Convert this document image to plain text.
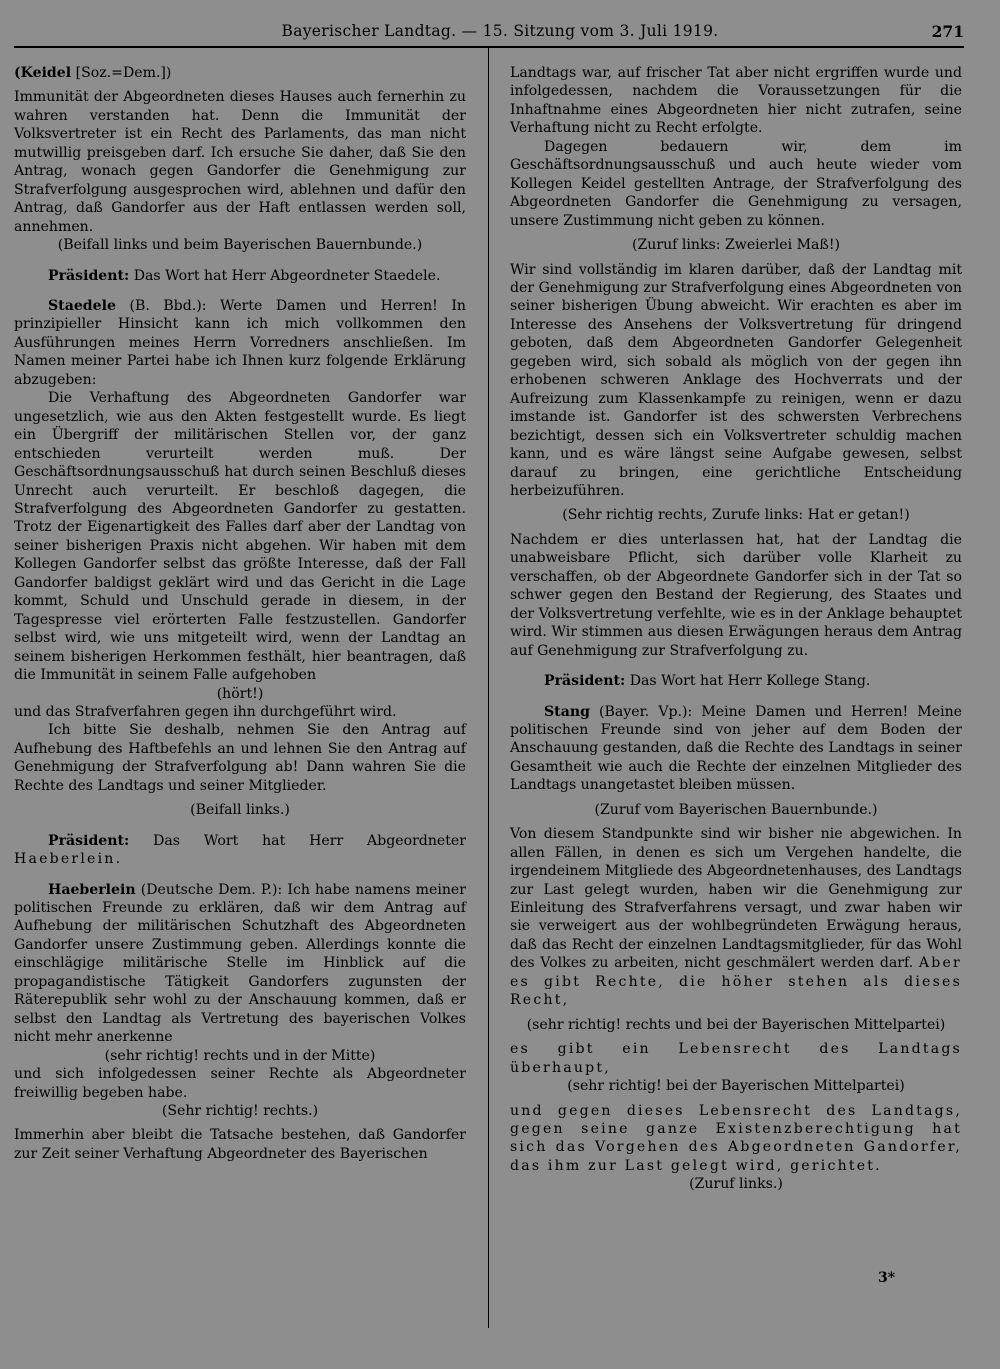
Bayerischer Landtag. — 15. Sitzung vom 3. Juli 1919.	271

(Keidel [Soz.=Dem.])

Immunität der Abgeordneten dieses Hauses auch fernerhin zu wahren verstanden hat. Denn die Immunität der Volksvertreter ist ein Recht des Parlaments, das man nicht mutwillig preisgeben darf. Ich ersuche Sie daher, daß Sie den Antrag, wonach gegen Gandorfer die Genehmigung zur Strafverfolgung ausgesprochen wird, ablehnen und dafür den Antrag, daß Gandorfer aus der Haft entlassen werden soll, annehmen.

(Beifall links und beim Bayerischen Bauernbunde.)

Präsident: Das Wort hat Herr Abgeordneter Staedele.

Staedele (B. Bbd.): Werte Damen und Herren! In prinzipieller Hinsicht kann ich mich vollkommen den Ausführungen meines Herrn Vorredners anschließen. Im Namen meiner Partei habe ich Ihnen kurz folgende Erklärung abzugeben:

Die Verhaftung des Abgeordneten Gandorfer war ungesetzlich, wie aus den Akten festgestellt wurde. Es liegt ein Übergriff der militärischen Stellen vor, der ganz entschieden verurteilt werden muß. Der Geschäftsordnungsausschuß hat durch seinen Beschluß dieses Unrecht auch verurteilt. Er beschloß dagegen, die Strafverfolgung des Abgeordneten Gandorfer zu gestatten. Trotz der Eigenartigkeit des Falles darf aber der Landtag von seiner bisherigen Praxis nicht abgehen. Wir haben mit dem Kollegen Gandorfer selbst das größte Interesse, daß der Fall Gandorfer baldigst geklärt wird und das Gericht in die Lage kommt, Schuld und Unschuld gerade in diesem, in der Tagespresse viel erörterten Falle festzustellen. Gandorfer selbst wird, wie uns mitgeteilt wird, wenn der Landtag an seinem bisherigen Herkommen festhält, hier beantragen, daß die Immunität in seinem Falle aufgehoben

(hört!)

und das Strafverfahren gegen ihn durchgeführt wird.

Ich bitte Sie deshalb, nehmen Sie den Antrag auf Aufhebung des Haftbefehls an und lehnen Sie den Antrag auf Genehmigung der Strafverfolgung ab! Dann wahren Sie die Rechte des Landtags und seiner Mitglieder.

(Beifall links.)

Präsident: Das Wort hat Herr Abgeordneter Haeberlein.

Haeberlein (Deutsche Dem. P.): Ich habe namens meiner politischen Freunde zu erklären, daß wir dem Antrag auf Aufhebung der militärischen Schutzhaft des Abgeordneten Gandorfer unsere Zustimmung geben. Allerdings konnte die einschlägige militärische Stelle im Hinblick auf die propagandistische Tätigkeit Gandorfers zugunsten der Räterepublik sehr wohl zu der Anschauung kommen, daß er selbst den Landtag als Vertretung des bayerischen Volkes nicht mehr anerkenne

(sehr richtig! rechts und in der Mitte)

und sich infolgedessen seiner Rechte als Abgeordneter freiwillig begeben habe.

(Sehr richtig! rechts.)

Immerhin aber bleibt die Tatsache bestehen, daß Gandorfer zur Zeit seiner Verhaftung Abgeordneter des Bayerischen

Landtags war, auf frischer Tat aber nicht ergriffen wurde und infolgedessen, nachdem die Voraussetzungen für die Inhaftnahme eines Abgeordneten hier nicht zutrafen, seine Verhaftung nicht zu Recht erfolgte.

Dagegen bedauern wir, dem im Geschäftsordnungsausschuß und auch heute wieder vom Kollegen Keidel gestellten Antrage, der Strafverfolgung des Abgeordneten Gandorfer die Genehmigung zu versagen, unsere Zustimmung nicht geben zu können.

(Zuruf links: Zweierlei Maß!)

Wir sind vollständig im klaren darüber, daß der Landtag mit der Genehmigung zur Strafverfolgung eines Abgeordneten von seiner bisherigen Übung abweicht. Wir erachten es aber im Interesse des Ansehens der Volksvertretung für dringend geboten, daß dem Abgeordneten Gandorfer Gelegenheit gegeben wird, sich sobald als möglich von der gegen ihn erhobenen schweren Anklage des Hochverrats und der Aufreizung zum Klassenkampfe zu reinigen, wenn er dazu imstande ist. Gandorfer ist des schwersten Verbrechens bezichtigt, dessen sich ein Volksvertreter schuldig machen kann, und es wäre längst seine Aufgabe gewesen, selbst darauf zu bringen, eine gerichtliche Entscheidung herbeizuführen.

(Sehr richtig rechts, Zurufe links: Hat er getan!)

Nachdem er dies unterlassen hat, hat der Landtag die unabweisbare Pflicht, sich darüber volle Klarheit zu verschaffen, ob der Abgeordnete Gandorfer sich in der Tat so schwer gegen den Bestand der Regierung, des Staates und der Volksvertretung verfehlte, wie es in der Anklage behauptet wird. Wir stimmen aus diesen Erwägungen heraus dem Antrag auf Genehmigung zur Strafverfolgung zu.

Präsident: Das Wort hat Herr Kollege Stang.

Stang (Bayer. Vp.): Meine Damen und Herren! Meine politischen Freunde sind von jeher auf dem Boden der Anschauung gestanden, daß die Rechte des Landtags in seiner Gesamtheit wie auch die Rechte der einzelnen Mitglieder des Landtags unangetastet bleiben müssen.

(Zuruf vom Bayerischen Bauernbunde.)

Von diesem Standpunkte sind wir bisher nie abgewichen. In allen Fällen, in denen es sich um Vergehen handelte, die irgendeinem Mitgliede des Abgeordnetenhauses, des Landtags zur Last gelegt wurden, haben wir die Genehmigung zur Einleitung des Strafverfahrens versagt, und zwar haben wir sie verweigert aus der wohlbegründeten Erwägung heraus, daß das Recht der einzelnen Landtagsmitglieder, für das Wohl des Volkes zu arbeiten, nicht geschmälert werden darf. Aber es gibt Rechte, die höher stehen als dieses Recht,

(sehr richtig! rechts und bei der Bayerischen Mittelpartei)

es gibt ein Lebensrecht des Landtags überhaupt,

(sehr richtig! bei der Bayerischen Mittelpartei)

und gegen dieses Lebensrecht des Landtags, gegen seine ganze Existenzberechtigung hat sich das Vorgehen des Abgeordneten Gandorfer, das ihm zur Last gelegt wird, gerichtet.

(Zuruf links.)

3*
